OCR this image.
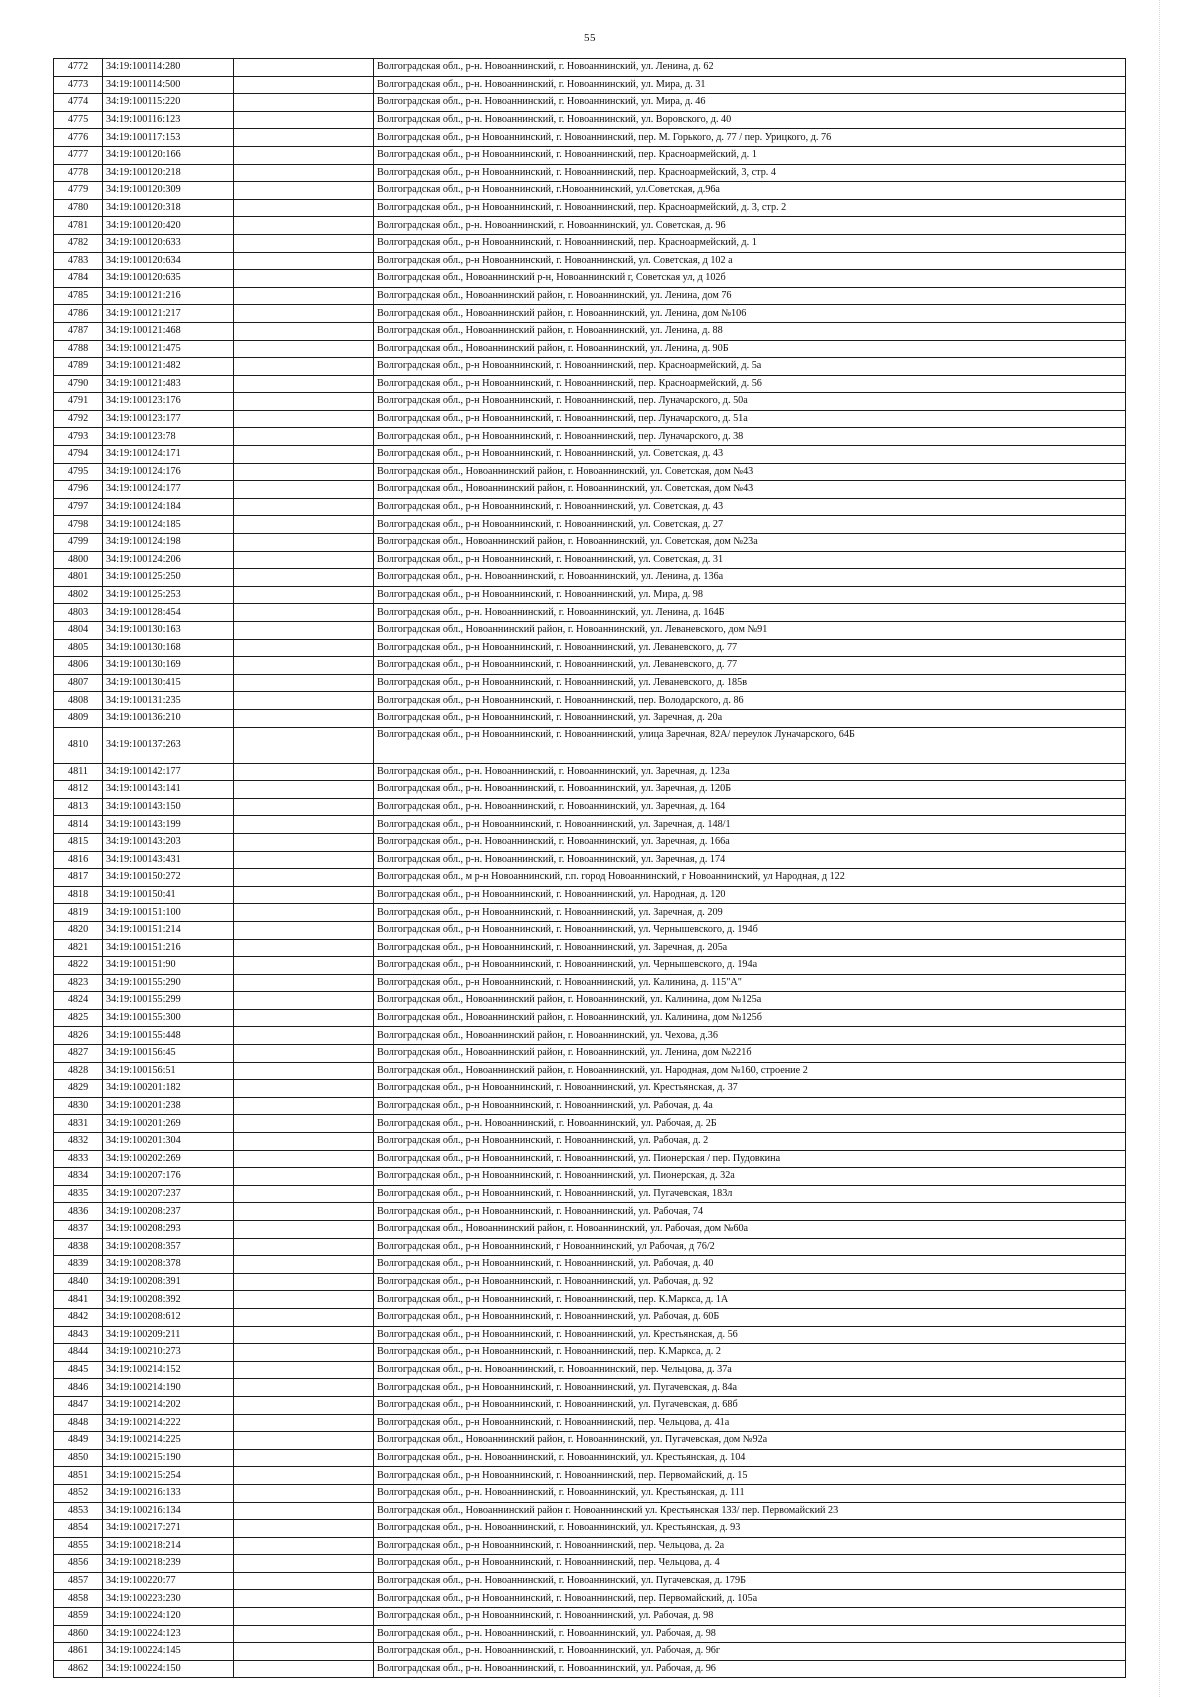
55
4772	34:19:100114:280		Волгоградская обл., р-н. Новоаннинский, г. Новоаннинский, ул. Ленина, д. 62
4773	34:19:100114:500		Волгоградская обл., р-н. Новоаннинский, г. Новоаннинский, ул. Мира, д. 31
4774	34:19:100115:220		Волгоградская обл., р-н. Новоаннинский, г. Новоаннинский, ул. Мира, д. 46
4775	34:19:100116:123		Волгоградская обл., р-н. Новоаннинский, г. Новоаннинский, ул. Воровского, д. 40
4776	34:19:100117:153		Волгоградская обл., р-н Новоаннинский, г. Новоаннинский, пер. М. Горького, д. 77 / пер. Урицкого, д. 76
4777	34:19:100120:166		Волгоградская обл., р-н Новоаннинский, г. Новоаннинский, пер. Красноармейский, д. 1
4778	34:19:100120:218		Волгоградская обл., р-н Новоаннинский, г. Новоаннинский, пер. Красноармейский, 3, стр. 4
4779	34:19:100120:309		Волгоградская обл., р-н Новоаннинский, г.Новоаннинский, ул.Советская, д.96а
4780	34:19:100120:318		Волгоградская обл., р-н Новоаннинский, г. Новоаннинский, пер. Красноармейский, д. 3, стр. 2
4781	34:19:100120:420		Волгоградская обл., р-н. Новоаннинский, г. Новоаннинский, ул. Советская, д. 96
4782	34:19:100120:633		Волгоградская обл., р-н Новоаннинский, г. Новоаннинский, пер. Красноармейский, д. 1
4783	34:19:100120:634		Волгоградская обл., р-н Новоаннинский, г. Новоаннинский, ул. Советская, д 102 а
4784	34:19:100120:635		Волгоградская обл., Новоаннинский р-н, Новоаннинский г, Советская ул, д 102б
4785	34:19:100121:216		Волгоградская обл., Новоаннинский район, г. Новоаннинский, ул. Ленина, дом 76
4786	34:19:100121:217		Волгоградская обл., Новоаннинский район, г. Новоаннинский, ул. Ленина, дом №106
4787	34:19:100121:468		Волгоградская обл., Новоаннинский район, г. Новоаннинский, ул. Ленина, д. 88
4788	34:19:100121:475		Волгоградская обл., Новоаннинский район, г. Новоаннинский, ул. Ленина, д. 90Б
4789	34:19:100121:482		Волгоградская обл., р-н Новоаннинский, г. Новоаннинский, пер. Красноармейский, д. 5а
4790	34:19:100121:483		Волгоградская обл., р-н Новоаннинский, г. Новоаннинский, пер. Красноармейский, д. 56
4791	34:19:100123:176		Волгоградская обл., р-н Новоаннинский, г. Новоаннинский, пер. Луначарского, д. 50а
4792	34:19:100123:177		Волгоградская обл., р-н Новоаннинский, г. Новоаннинский, пер. Луначарского, д. 51а
4793	34:19:100123:78		Волгоградская обл., р-н Новоаннинский, г. Новоаннинский, пер. Луначарского, д. 38
4794	34:19:100124:171		Волгоградская обл., р-н Новоаннинский, г. Новоаннинский, ул. Советская, д. 43
4795	34:19:100124:176		Волгоградская обл., Новоаннинский район, г. Новоаннинский, ул. Советская, дом №43
4796	34:19:100124:177		Волгоградская обл., Новоаннинский район, г. Новоаннинский, ул. Советская, дом №43
4797	34:19:100124:184		Волгоградская обл., р-н Новоаннинский, г. Новоаннинский, ул. Советская, д. 43
4798	34:19:100124:185		Волгоградская обл., р-н Новоаннинский, г. Новоаннинский, ул. Советская, д. 27
4799	34:19:100124:198		Волгоградская обл., Новоаннинский район, г. Новоаннинский, ул. Советская, дом №23а
4800	34:19:100124:206		Волгоградская обл., р-н Новоаннинский, г. Новоаннинский, ул. Советская, д. 31
4801	34:19:100125:250		Волгоградская обл., р-н. Новоаннинский, г. Новоаннинский, ул. Ленина, д. 136а
4802	34:19:100125:253		Волгоградская обл., р-н Новоаннинский, г. Новоаннинский, ул. Мира, д. 98
4803	34:19:100128:454		Волгоградская обл., р-н. Новоаннинский, г. Новоаннинский, ул. Ленина, д. 164Б
4804	34:19:100130:163		Волгоградская обл., Новоаннинский район, г. Новоаннинский, ул. Леваневского, дом №91
4805	34:19:100130:168		Волгоградская обл., р-н Новоаннинский, г. Новоаннинский, ул. Леваневского, д. 77
4806	34:19:100130:169		Волгоградская обл., р-н Новоаннинский, г. Новоаннинский, ул. Леваневского, д. 77
4807	34:19:100130:415		Волгоградская обл., р-н Новоаннинский, г. Новоаннинский, ул. Леваневского, д. 185в
4808	34:19:100131:235		Волгоградская обл., р-н Новоаннинский, г. Новоаннинский, пер. Володарского, д. 86
4809	34:19:100136:210		Волгоградская обл., р-н Новоаннинский, г. Новоаннинский, ул. Заречная, д. 20а
4810	34:19:100137:263		Волгоградская обл., р-н Новоаннинский, г. Новоаннинский, улица Заречная, 82А/ переулок Луначарского, 64Б
4811	34:19:100142:177		Волгоградская обл., р-н. Новоаннинский, г. Новоаннинский, ул. Заречная, д. 123а
4812	34:19:100143:141		Волгоградская обл., р-н. Новоаннинский, г. Новоаннинский, ул. Заречная, д. 120Б
4813	34:19:100143:150		Волгоградская обл., р-н. Новоаннинский, г. Новоаннинский, ул. Заречная, д. 164
4814	34:19:100143:199		Волгоградская обл., р-н Новоаннинский, г. Новоаннинский, ул. Заречная, д. 148/1
4815	34:19:100143:203		Волгоградская обл., р-н. Новоаннинский, г. Новоаннинский, ул. Заречная, д. 166а
4816	34:19:100143:431		Волгоградская обл., р-н. Новоаннинский, г. Новоаннинский, ул. Заречная, д. 174
4817	34:19:100150:272		Волгоградская обл., м р-н Новоаннинский, г.п. город Новоаннинский, г Новоаннинский, ул Народная, д 122
4818	34:19:100150:41		Волгоградская обл., р-н Новоаннинский, г. Новоаннинский, ул. Народная, д. 120
4819	34:19:100151:100		Волгоградская обл., р-н Новоаннинский, г. Новоаннинский, ул. Заречная, д. 209
4820	34:19:100151:214		Волгоградская обл., р-н Новоаннинский, г. Новоаннинский, ул. Чернышевского, д. 194б
4821	34:19:100151:216		Волгоградская обл., р-н Новоаннинский, г. Новоаннинский, ул. Заречная, д. 205а
4822	34:19:100151:90		Волгоградская обл., р-н Новоаннинский, г. Новоаннинский, ул. Чернышевского, д. 194а
4823	34:19:100155:290		Волгоградская обл., р-н Новоаннинский, г. Новоаннинский, ул. Калинина, д. 115"А"
4824	34:19:100155:299		Волгоградская обл., Новоаннинский район, г. Новоаннинский, ул. Калинина, дом №125а
4825	34:19:100155:300		Волгоградская обл., Новоаннинский район, г. Новоаннинский, ул. Калинина, дом №125б
4826	34:19:100155:448		Волгоградская обл., Новоаннинский район, г. Новоаннинский, ул. Чехова, д.36
4827	34:19:100156:45		Волгоградская обл., Новоаннинский район, г. Новоаннинский, ул. Ленина, дом №221б
4828	34:19:100156:51		Волгоградская обл., Новоаннинский район, г. Новоаннинский, ул. Народная, дом №160, строение 2
4829	34:19:100201:182		Волгоградская обл., р-н Новоаннинский, г. Новоаннинский, ул. Крестьянская, д. 37
4830	34:19:100201:238		Волгоградская обл., р-н Новоаннинский, г. Новоаннинский, ул. Рабочая, д. 4а
4831	34:19:100201:269		Волгоградская обл., р-н. Новоаннинский, г. Новоаннинский, ул. Рабочая, д. 2Б
4832	34:19:100201:304		Волгоградская обл., р-н Новоаннинский, г. Новоаннинский, ул. Рабочая, д. 2
4833	34:19:100202:269		Волгоградская обл., р-н Новоаннинский, г. Новоаннинский, ул. Пионерская / пер. Пудовкина
4834	34:19:100207:176		Волгоградская обл., р-н Новоаннинский, г. Новоаннинский, ул. Пионерская, д. 32а
4835	34:19:100207:237		Волгоградская обл., р-н Новоаннинский, г. Новоаннинский, ул. Пугачевская, 183л
4836	34:19:100208:237		Волгоградская обл., р-н Новоаннинский, г. Новоаннинский, ул. Рабочая, 74
4837	34:19:100208:293		Волгоградская обл., Новоаннинский район, г. Новоаннинский, ул. Рабочая, дом №60а
4838	34:19:100208:357		Волгоградская обл., р-н Новоаннинский, г Новоаннинский, ул Рабочая, д 76/2
4839	34:19:100208:378		Волгоградская обл., р-н Новоаннинский, г. Новоаннинский, ул. Рабочая, д. 40
4840	34:19:100208:391		Волгоградская обл., р-н Новоаннинский, г. Новоаннинский, ул. Рабочая, д. 92
4841	34:19:100208:392		Волгоградская обл., р-н Новоаннинский, г. Новоаннинский, пер. К.Маркса, д. 1А
4842	34:19:100208:612		Волгоградская обл., р-н Новоаннинский, г. Новоаннинский, ул. Рабочая, д. 60Б
4843	34:19:100209:211		Волгоградская обл., р-н Новоаннинский, г. Новоаннинский, ул. Крестьянская, д. 56
4844	34:19:100210:273		Волгоградская обл., р-н Новоаннинский, г. Новоаннинский, пер. К.Маркса, д. 2
4845	34:19:100214:152		Волгоградская обл., р-н. Новоаннинский, г. Новоаннинский, пер. Чельцова, д. 37а
4846	34:19:100214:190		Волгоградская обл., р-н Новоаннинский, г. Новоаннинский, ул. Пугачевская, д. 84а
4847	34:19:100214:202		Волгоградская обл., р-н Новоаннинский, г. Новоаннинский, ул. Пугачевская, д. 68б
4848	34:19:100214:222		Волгоградская обл., р-н Новоаннинский, г. Новоаннинский, пер. Чельцова, д. 41а
4849	34:19:100214:225		Волгоградская обл., Новоаннинский район, г. Новоаннинский, ул. Пугачевская, дом №92а
4850	34:19:100215:190		Волгоградская обл., р-н. Новоаннинский, г. Новоаннинский, ул. Крестьянская, д. 104
4851	34:19:100215:254		Волгоградская обл., р-н Новоаннинский, г. Новоаннинский, пер. Первомайский, д. 15
4852	34:19:100216:133		Волгоградская обл., р-н. Новоаннинский, г. Новоаннинский, ул. Крестьянская, д. 111
4853	34:19:100216:134		Волгоградская обл., Новоаннинский район г. Новоаннинский ул. Крестьянская 133/ пер. Первомайский 23
4854	34:19:100217:271		Волгоградская обл., р-н. Новоаннинский, г. Новоаннинский, ул. Крестьянская, д. 93
4855	34:19:100218:214		Волгоградская обл., р-н Новоаннинский, г. Новоаннинский, пер. Чельцова, д. 2а
4856	34:19:100218:239		Волгоградская обл., р-н Новоаннинский, г. Новоаннинский, пер. Чельцова, д. 4
4857	34:19:100220:77		Волгоградская обл., р-н. Новоаннинский, г. Новоаннинский, ул. Пугачевская, д. 179Б
4858	34:19:100223:230		Волгоградская обл., р-н Новоаннинский, г. Новоаннинский, пер. Первомайский, д. 105а
4859	34:19:100224:120		Волгоградская обл., р-н Новоаннинский, г. Новоаннинский, ул. Рабочая, д. 98
4860	34:19:100224:123		Волгоградская обл., р-н. Новоаннинский, г. Новоаннинский, ул. Рабочая, д. 98
4861	34:19:100224:145		Волгоградская обл., р-н. Новоаннинский, г. Новоаннинский, ул. Рабочая, д. 96г
4862	34:19:100224:150		Волгоградская обл., р-н. Новоаннинский, г. Новоаннинский, ул. Рабочая, д. 96
